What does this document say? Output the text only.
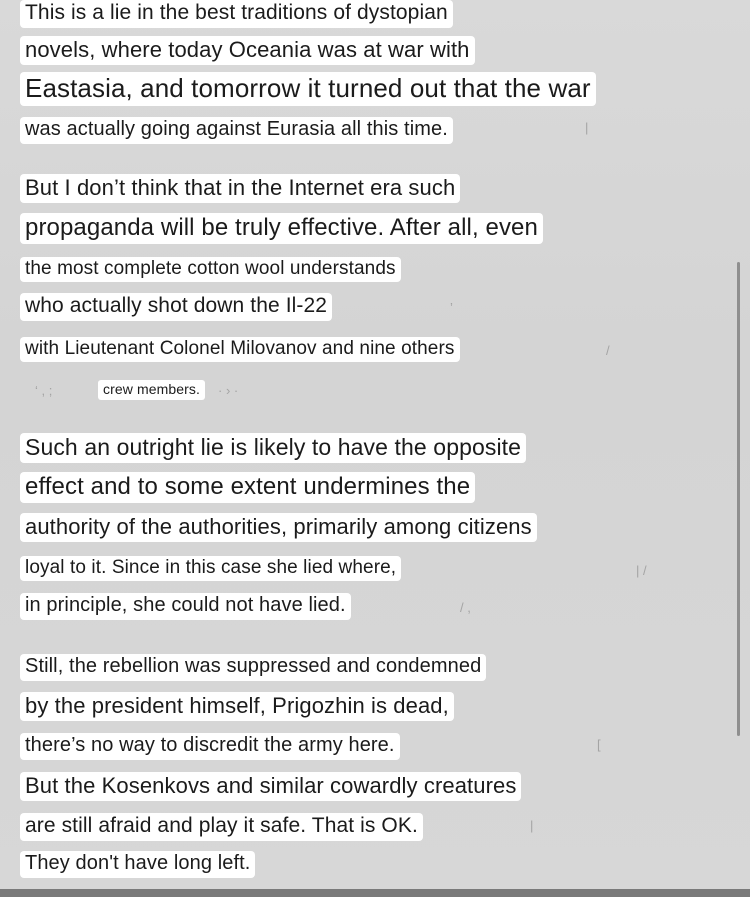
This is a lie in the best traditions of dystopian
novels, where today Oceania was at war with
Eastasia, and tomorrow it turned out that the war
was actually going against Eurasia all this time.
But I don’t think that in the Internet era such
propaganda will be truly effective. After all, even
the most complete cotton wool understands
who actually shot down the Il-22
with Lieutenant Colonel Milovanov and nine others
crew members.
Such an outright lie is likely to have the opposite
effect and to some extent undermines the
authority of the authorities, primarily among citizens
loyal to it. Since in this case she lied where,
in principle, she could not have lied.
Still, the rebellion was suppressed and condemned
by the president himself, Prigozhin is dead,
there’s no way to discredit the army here.
But the Kosenkovs and similar cowardly creatures
are still afraid and play it safe. That is OK.
They don't have long left.
|
’
/
‘ , ;	· › ·
| /
/ ,
[
|
